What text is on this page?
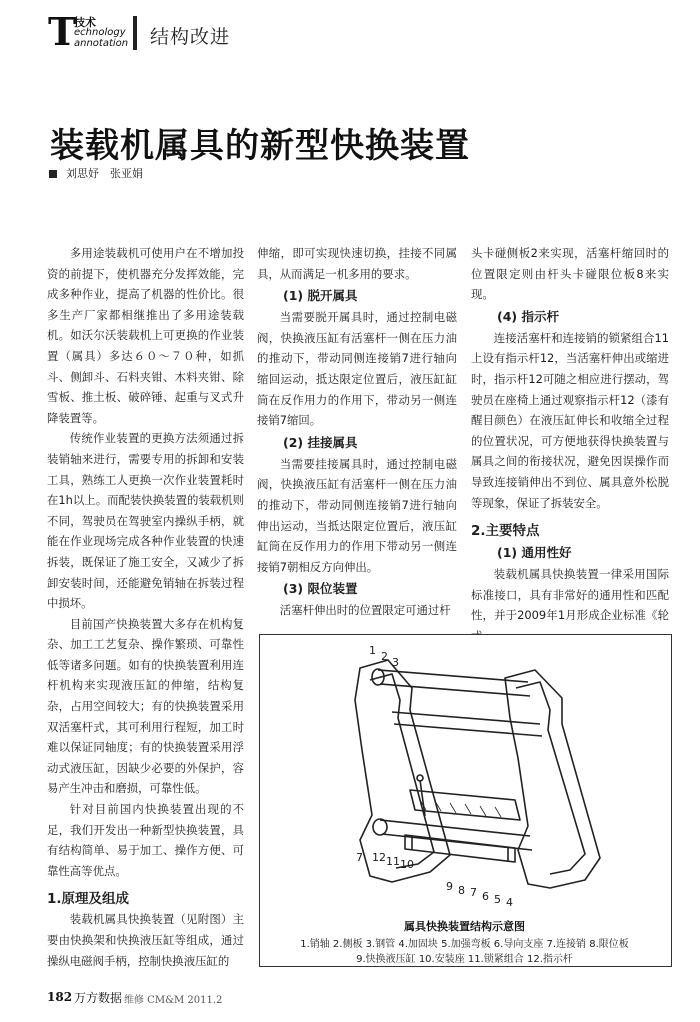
T
技术
echnology
annotation 结构改进
装载机属具的新型快换装置
刘思妤　张亚娟

多用途装载机可使用户在不增加投资的前提下，使机器充分发挥效能，完成多种作业，提高了机器的性价比。很多生产厂家都相继推出了多用途装载机。如沃尔沃装载机上可更换的作业装置（属具）多达６０～７０种，如抓斗、侧卸斗、石料夹钳、木料夹钳、除雪板、推土板、破碎锤、起重与叉式升降装置等。

传统作业装置的更换方法须通过拆装销轴来进行，需要专用的拆卸和安装工具，熟练工人更换一次作业装置耗时在1h以上。而配装快换装置的装载机则不同，驾驶员在驾驶室内操纵手柄，就能在作业现场完成各种作业装置的快速拆装，既保证了施工安全，又减少了拆卸安装时间，还能避免销轴在拆装过程中损坏。

目前国产快换装置大多存在机构复杂、加工工艺复杂、操作繁琐、可靠性低等诸多问题。如有的快换装置利用连杆机构来实现液压缸的伸缩，结构复杂，占用空间较大；有的快换装置采用双活塞杆式，其可利用行程短，加工时难以保证同轴度；有的快换装置采用浮动式液压缸，因缺少必要的外保护，容易产生冲击和磨损，可靠性低。

针对目前国内快换装置出现的不足，我们开发出一种新型快换装置，具有结构简单、易于加工、操作方便、可靠性高等优点。

1.原理及组成

装载机属具快换装置（见附图）主要由快换架和快换液压缸等组成，通过操纵电磁阀手柄，控制快换液压缸的

伸缩，即可实现快速切换，挂接不同属具，从而满足一机多用的要求。

(1) 脱开属具

当需要脱开属具时，通过控制电磁阀，快换液压缸有活塞杆一侧在压力油的推动下，带动同侧连接销7进行轴向缩回运动，抵达限定位置后，液压缸缸筒在反作用力的作用下，带动另一侧连接销7缩回。

(2) 挂接属具

当需要挂接属具时，通过控制电磁阀，快换液压缸有活塞杆一侧在压力油的推动下，带动同侧连接销7进行轴向伸出运动，当抵达限定位置后，液压缸缸筒在反作用力的作用下带动另一侧连接销7朝相反方向伸出。

(3) 限位装置

活塞杆伸出时的位置限定可通过杆

头卡碰侧板2来实现，活塞杆缩回时的位置限定则由杆头卡碰限位板8来实现。

(4) 指示杆

连接活塞杆和连接销的锁紧组合11上设有指示杆12，当活塞杆伸出或缩进时，指示杆12可随之相应进行摆动，驾驶员在座椅上通过观察指示杆12（漆有醒目颜色）在液压缸伸长和收缩全过程的位置状况，可方便地获得快换装置与属具之间的衔接状况，避免因误操作而导致连接销伸出不到位、属具意外松脱等现象，保证了拆装安全。

2.主要特点
(1) 通用性好

装载机属具快换装置一律采用国际标准接口，具有非常好的通用性和匹配性，并于2009年1月形成企业标准《轮

1 2 3
7 12 11 10
9 8 7 6 5 4
属具快换装置结构示意图
1.销轴 2.侧板 3.钢管 4.加固块 5.加强弯板 6.导向支座 7.连接销 8.限位板
9.快换液压缸 10.安装座 11.锁紧组合 12.指示杆
182 万方数据 维修 CM&M 2011.2
